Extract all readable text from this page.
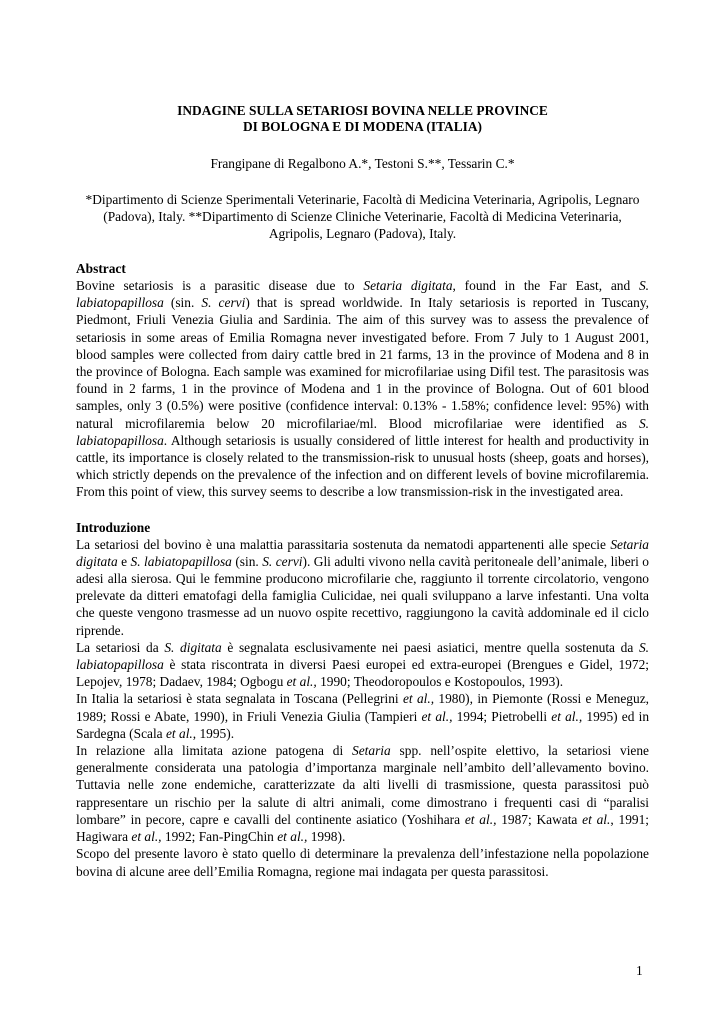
INDAGINE SULLA SETARIOSI BOVINA NELLE PROVINCE
DI BOLOGNA E DI MODENA (ITALIA)
Frangipane di Regalbono A.*, Testoni S.**, Tessarin C.*
*Dipartimento di Scienze Sperimentali Veterinarie, Facoltà di Medicina Veterinaria, Agripolis, Legnaro (Padova), Italy. **Dipartimento di Scienze Cliniche Veterinarie, Facoltà di Medicina Veterinaria, Agripolis, Legnaro (Padova), Italy.
Abstract

Bovine setariosis is a parasitic disease due to Setaria digitata, found in the Far East, and S. labiatopapillosa (sin. S. cervi) that is spread worldwide. In Italy setariosis is reported in Tuscany, Piedmont, Friuli Venezia Giulia and Sardinia. The aim of this survey was to assess the prevalence of setariosis in some areas of Emilia Romagna never investigated before. From 7 July to 1 August 2001, blood samples were collected from dairy cattle bred in 21 farms, 13 in the province of Modena and 8 in the province of Bologna. Each sample was examined for microfilariae using Difil test. The parasitosis was found in 2 farms, 1 in the province of Modena and 1 in the province of Bologna. Out of 601 blood samples, only 3 (0.5%) were positive (confidence interval: 0.13% - 1.58%; confidence level: 95%) with natural microfilaremia below 20 microfilariae/ml. Blood microfilariae were identified as S. labiatopapillosa. Although setariosis is usually considered of little interest for health and productivity in cattle, its importance is closely related to the transmission-risk to unusual hosts (sheep, goats and horses), which strictly depends on the prevalence of the infection and on different levels of bovine microfilaremia. From this point of view, this survey seems to describe a low transmission-risk in the investigated area.

Introduzione

La setariosi del bovino è una malattia parassitaria sostenuta da nematodi appartenenti alle specie Setaria digitata e S. labiatopapillosa (sin. S. cervi). Gli adulti vivono nella cavità peritoneale dell’animale, liberi o adesi alla sierosa. Qui le femmine producono microfilarie che, raggiunto il torrente circolatorio, vengono prelevate da ditteri ematofagi della famiglia Culicidae, nei quali sviluppano a larve infestanti. Una volta che queste vengono trasmesse ad un nuovo ospite recettivo, raggiungono la cavità addominale ed il ciclo riprende.

La setariosi da S. digitata è segnalata esclusivamente nei paesi asiatici, mentre quella sostenuta da S. labiatopapillosa è stata riscontrata in diversi Paesi europei ed extra-europei (Brengues e Gidel, 1972; Lepojev, 1978; Dadaev, 1984; Ogbogu et al., 1990; Theodoropoulos e Kostopoulos, 1993).

In Italia la setariosi è stata segnalata in Toscana (Pellegrini et al., 1980), in Piemonte (Rossi e Meneguz, 1989; Rossi e Abate, 1990), in Friuli Venezia Giulia (Tampieri et al., 1994; Pietrobelli et al., 1995) ed in Sardegna (Scala et al., 1995).

In relazione alla limitata azione patogena di Setaria spp. nell’ospite elettivo, la setariosi viene generalmente considerata una patologia d’importanza marginale nell’ambito dell’allevamento bovino. Tuttavia nelle zone endemiche, caratterizzate da alti livelli di trasmissione, questa parassitosi può rappresentare un rischio per la salute di altri animali, come dimostrano i frequenti casi di “paralisi lombare” in pecore, capre e cavalli del continente asiatico (Yoshihara et al., 1987; Kawata et al., 1991; Hagiwara et al., 1992; Fan-PingChin et al., 1998).

Scopo del presente lavoro è stato quello di determinare la prevalenza dell’infestazione nella popolazione bovina di alcune aree dell’Emilia Romagna, regione mai indagata per questa parassitosi.

1
